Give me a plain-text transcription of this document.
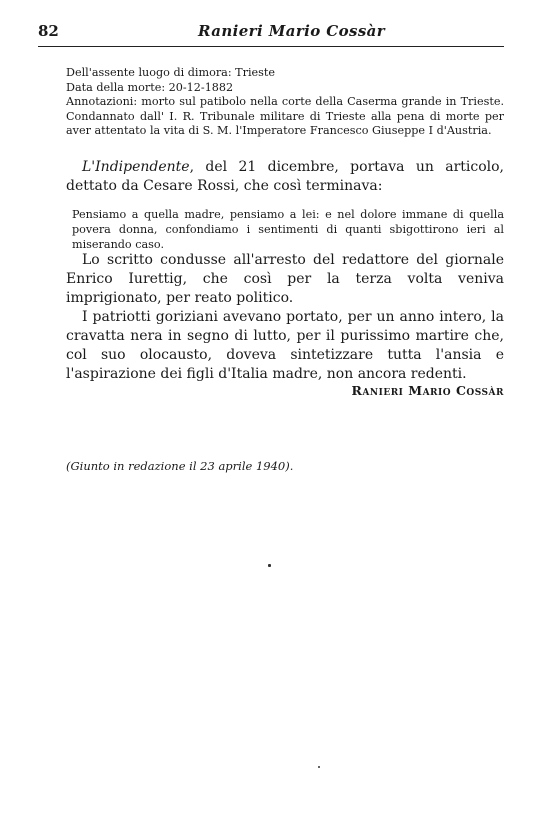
82	Ranieri Mario Cossàr

Dell'assente luogo di dimora: Trieste

Data della morte: 20-12-1882

Annotazioni: morto sul patibolo nella corte della Caserma grande in Trieste. Condannato dall' I. R. Tribunale militare di Trieste alla pena di morte per aver attentato la vita di S. M. l'Imperatore Francesco Giuseppe I d'Austria.

L'Indipendente, del 21 dicembre, portava un articolo, dettato da Cesare Rossi, che così terminava:

Pensiamo a quella madre, pensiamo a lei: e nel dolore immane di quella povera donna, confondiamo i sentimenti di quanti sbigottirono ieri al miserando caso.

Lo scritto condusse all'arresto del redattore del giornale Enrico Iurettig, che così per la terza volta veniva imprigionato, per reato politico.

I patriotti goriziani avevano portato, per un anno intero, la cravatta nera in segno di lutto, per il purissimo martire che, col suo olocausto, doveva sintetizzare tutta l'ansia e l'aspirazione dei figli d'Italia madre, non ancora redenti.

Ranieri Mario Cossàr
(Giunto in redazione il 23 aprile 1940).
